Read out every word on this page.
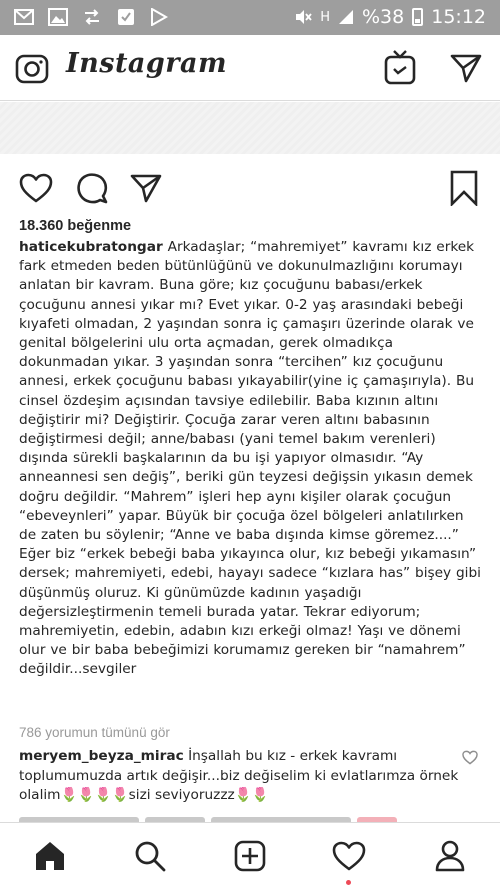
H %38 15:12
Instagram
18.360 beğenme
haticekubratongar Arkadaşlar; “mahremiyet” kavramı kız erkek fark etmeden beden bütünlüğünü ve dokunulmazlığını korumayı anlatan bir kavram. Buna göre; kız çocuğunu babası/erkek çocuğunu annesi yıkar mı? Evet yıkar. 0-2 yaş arasındaki bebeği kıyafeti olmadan, 2 yaşından sonra iç çamaşırı üzerinde olarak ve genital bölgelerini ulu orta açmadan, gerek olmadıkça dokunmadan yıkar. 3 yaşından sonra “tercihen” kız çocuğunu annesi, erkek çocuğunu babası yıkayabilir(yine iç çamaşırıyla). Bu cinsel özdeşim açısından tavsiye edilebilir. Baba kızının altını değiştirir mi? Değiştirir. Çocuğa zarar veren altını babasının değiştirmesi değil; anne/babası (yani temel bakım verenleri) dışında sürekli başkalarının da bu işi yapıyor olmasıdır. “Ay anneannesi sen değiş”, beriki gün teyzesi değişsin yıkasın demek doğru değildir. “Mahrem” işleri hep aynı kişiler olarak çocuğun “ebeveynleri” yapar. Büyük bir çocuğa özel bölgeleri anlatılırken de zaten bu söylenir; “Anne ve baba dışında kimse göremez....” Eğer biz “erkek bebeği baba yıkayınca olur, kız bebeği yıkamasın” dersek; mahremiyeti, edebi, hayayı sadece “kızlara has” bişey gibi düşünmüş oluruz. Ki günümüzde kadının yaşadığı değersizleştirmenin temeli burada yatar. Tekrar ediyorum; mahremiyetin, edebin, adabın kızı erkeği olmaz! Yaşı ve dönemi olur ve bir baba bebeğimizi korumamız gereken bir “namahrem” değildir...sevgiler
786 yorumun tümünü gör
meryem_beyza_mirac İnşallah bu kız - erkek kavramı toplumumuzda artık değişir...biz değiselim ki evlatlarımza örnek olalim🌷🌷🌷🌷sizi seviyoruzzz🌷🌷
